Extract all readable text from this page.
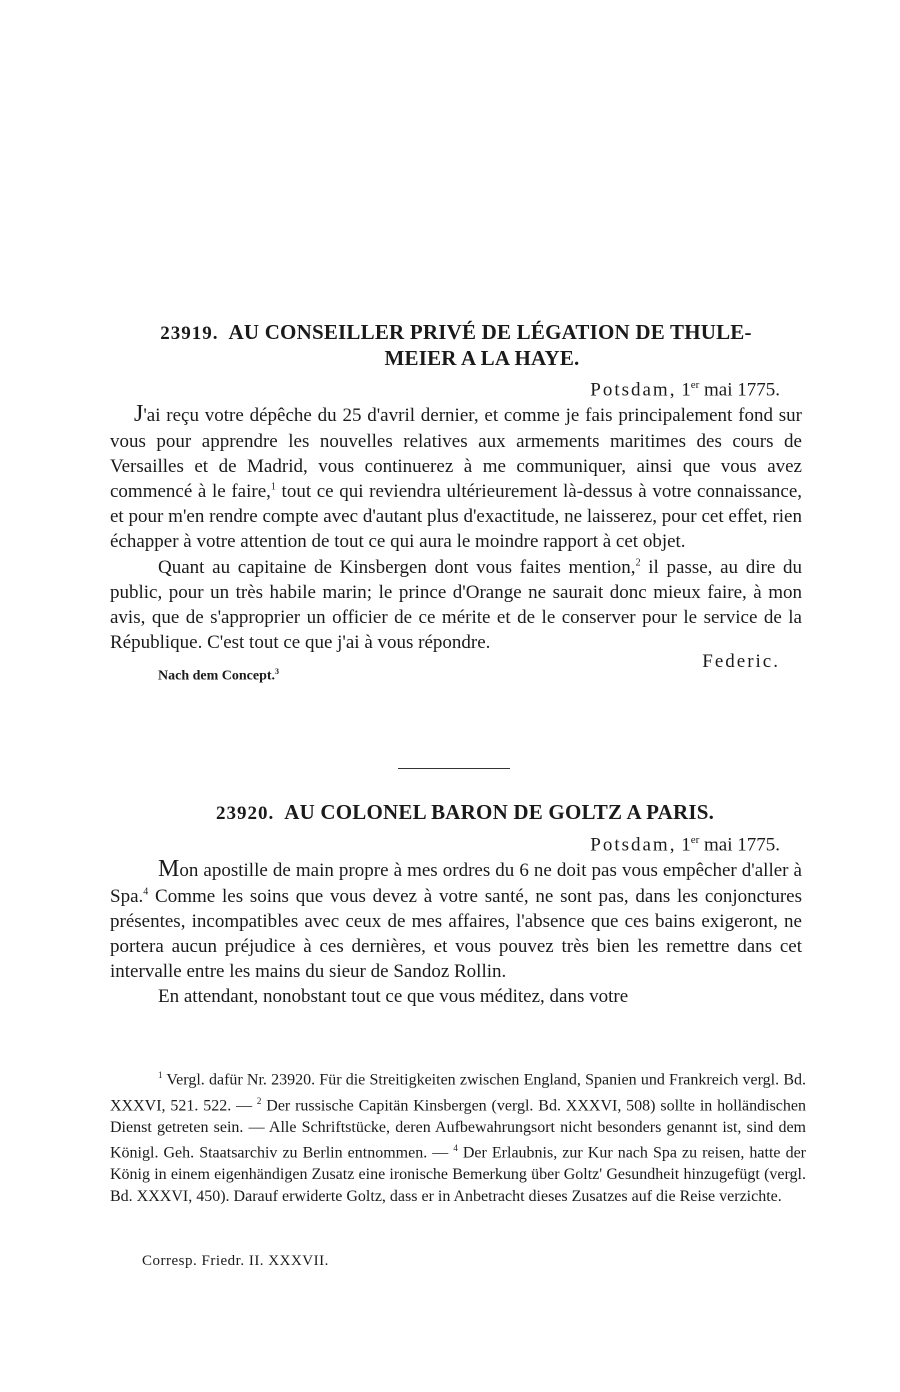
23919. AU CONSEILLER PRIVÉ DE LÉGATION DE THULE-
MEIER A LA HAYE.
Potsdam, 1er mai 1775.

J'ai reçu votre dépêche du 25 d'avril dernier, et comme je fais principalement fond sur vous pour apprendre les nouvelles relatives aux armements maritimes des cours de Versailles et de Madrid, vous continuerez à me communiquer, ainsi que vous avez commencé à le faire,$^1$ tout ce qui reviendra ultérieurement là-dessus à votre connaissance, et pour m'en rendre compte avec d'autant plus d'exactitude, ne laisserez, pour cet effet, rien échapper à votre attention de tout ce qui aura le moindre rapport à cet objet.

Quant au capitaine de Kinsbergen dont vous faites mention,$^2$ il passe, au dire du public, pour un très habile marin; le prince d'Orange ne saurait donc mieux faire, à mon avis, que de s'approprier un officier de ce mérite et de le conserver pour le service de la République. C'est tout ce que j'ai à vous répondre.

Nach dem Concept.$^3$	Federic.
23920. AU COLONEL BARON DE GOLTZ A PARIS.
Potsdam, 1er mai 1775.

Mon apostille de main propre à mes ordres du 6 ne doit pas vous empêcher d'aller à Spa.$^4$ Comme les soins que vous devez à votre santé, ne sont pas, dans les conjonctures présentes, incompatibles avec ceux de mes affaires, l'absence que ces bains exigeront, ne portera aucun préjudice à ces dernières, et vous pouvez très bien les remettre dans cet intervalle entre les mains du sieur de Sandoz Rollin.

En attendant, nonobstant tout ce que vous méditez, dans votre

$^1$ Vergl. dafür Nr. 23920. Für die Streitigkeiten zwischen England, Spanien und Frankreich vergl. Bd. XXXVI, 521. 522. — $^2$ Der russische Capitän Kinsbergen (vergl. Bd. XXXVI, 508) sollte in holländischen Dienst getreten sein. — Alle Schriftstücke, deren Aufbewahrungsort nicht besonders genannt ist, sind dem Königl. Geh. Staatsarchiv zu Berlin entnommen. — $^4$ Der Erlaubnis, zur Kur nach Spa zu reisen, hatte der König in einem eigenhändigen Zusatz eine ironische Bemerkung über Goltz' Gesundheit hinzugefügt (vergl. Bd. XXXVI, 450). Darauf erwiderte Goltz, dass er in Anbetracht dieses Zusatzes auf die Reise verzichte.

Corresp. Friedr. II. XXXVII.
